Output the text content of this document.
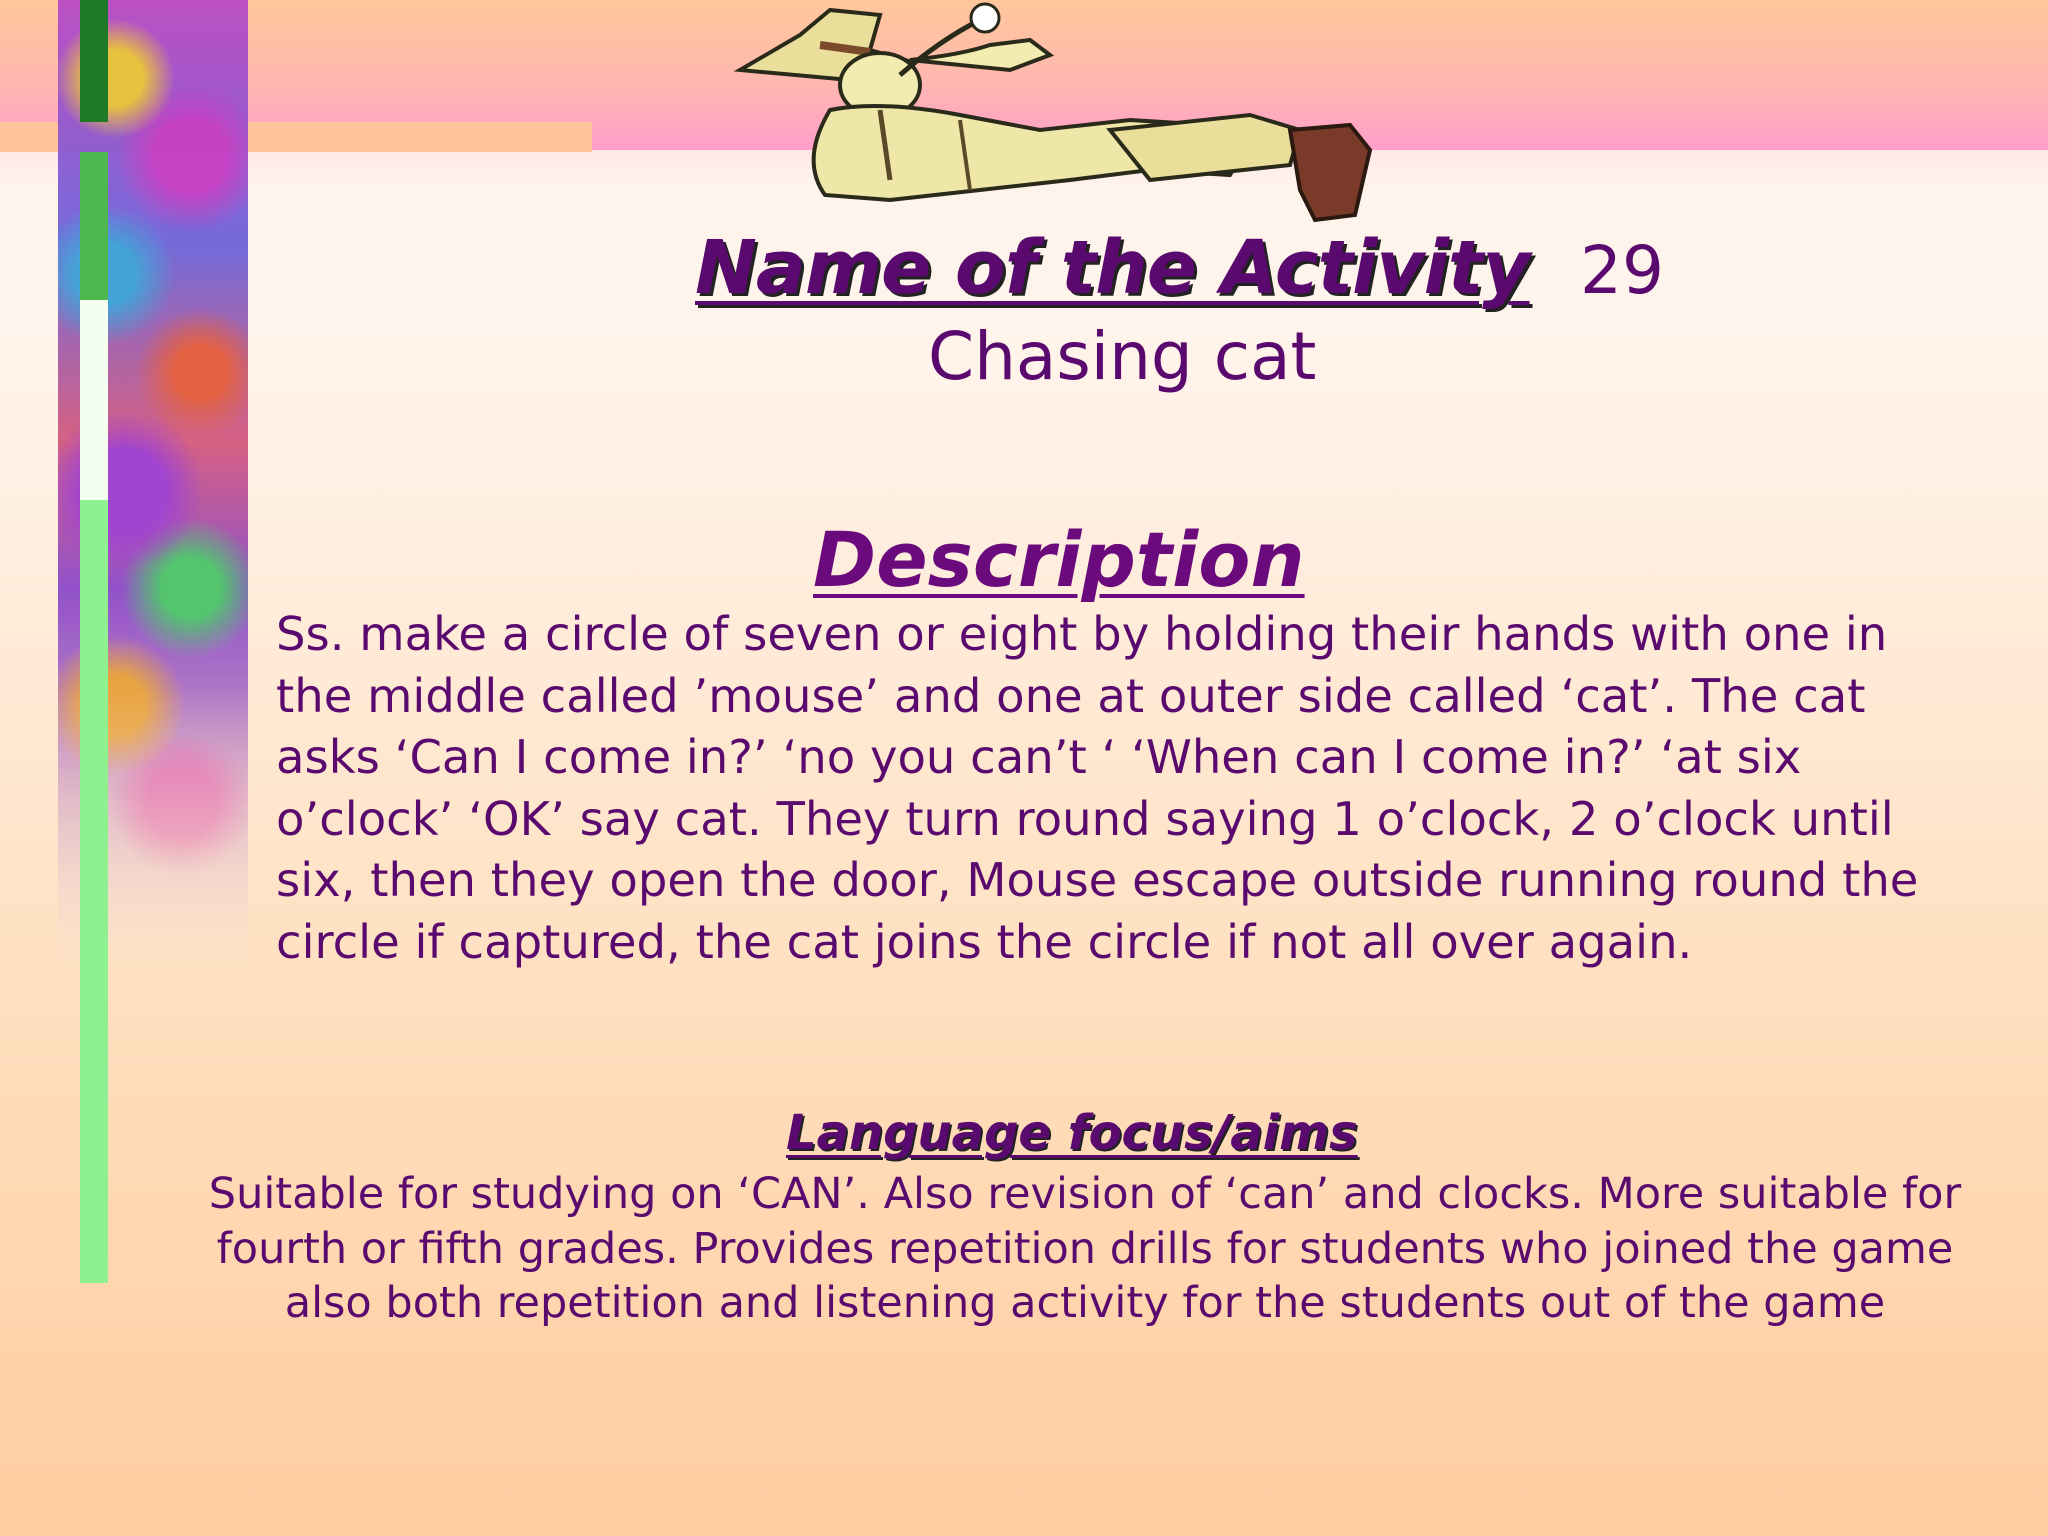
Name of the Activity 29
Chasing cat
Description
Ss. make a circle of seven or eight by holding their hands with one in
the middle called ’mouse’ and one at outer side called ‘cat’. The cat
asks ‘Can I come in?’ ‘no you can’t ‘ ‘When can I come in?’ ‘at six
o’clock’ ‘OK’ say cat. They turn round saying 1 o’clock, 2 o’clock until
six, then they open the door, Mouse escape outside running round the
circle if captured, the cat joins the circle if not all over again.
Language focus/aims
Suitable for studying on ‘CAN’. Also revision of ‘can’ and clocks. More suitable for
fourth or fifth grades. Provides repetition drills for students who joined the game
also both repetition and listening activity for the students out of the game
